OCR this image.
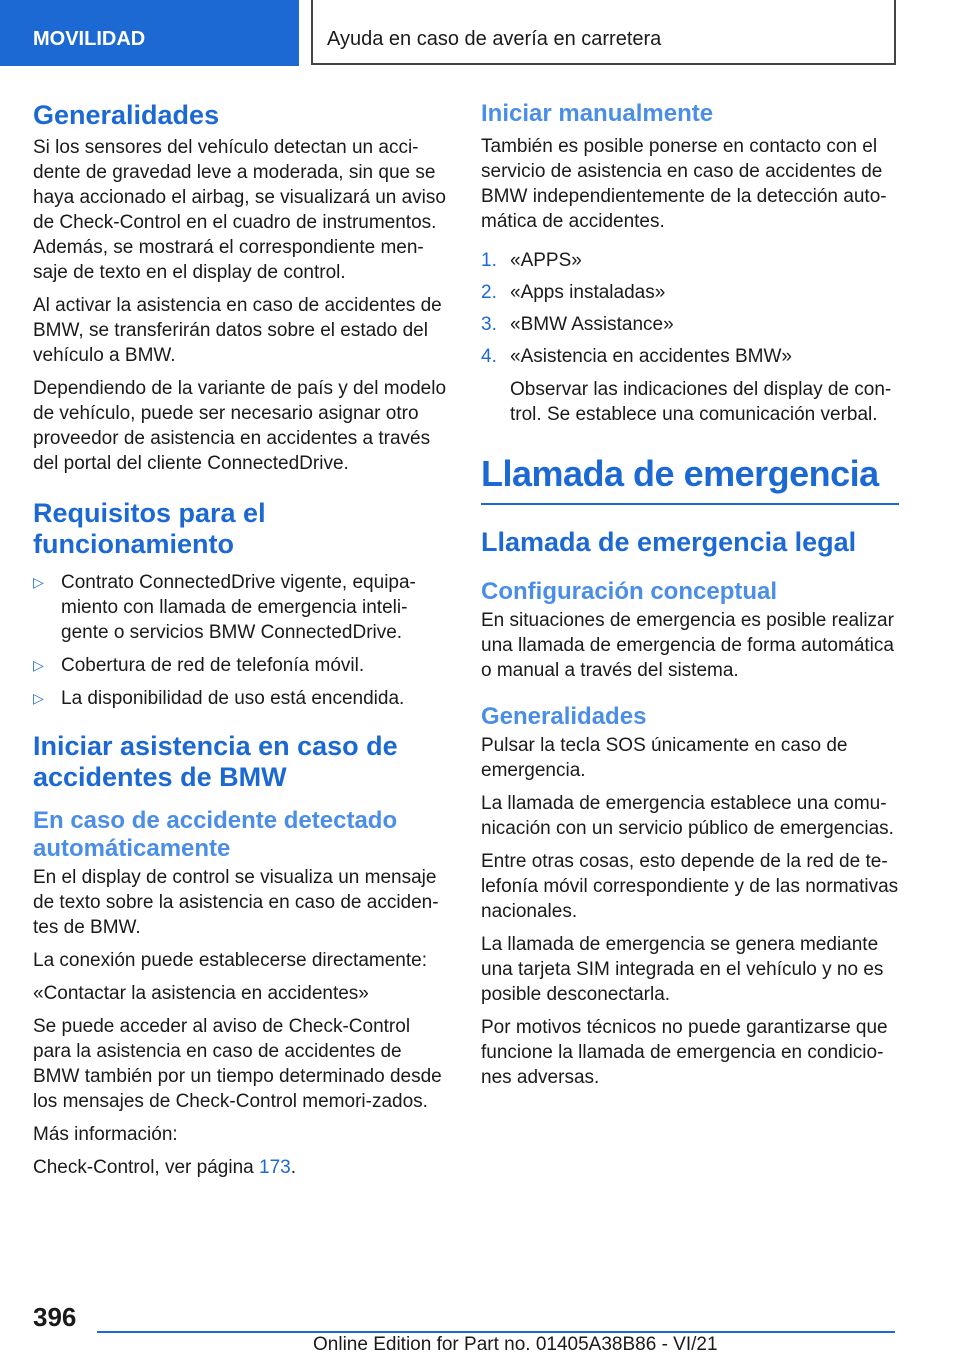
MOVILIDAD	Ayuda en caso de avería en carretera
Generalidades

Si los sensores del vehículo detectan un acci-dente de gravedad leve a moderada, sin que se haya accionado el airbag, se visualizará un aviso de Check-Control en el cuadro de instrumentos. Además, se mostrará el correspondiente men-saje de texto en el display de control.

Al activar la asistencia en caso de accidentes de BMW, se transferirán datos sobre el estado del vehículo a BMW.

Dependiendo de la variante de país y del modelo de vehículo, puede ser necesario asignar otro proveedor de asistencia en accidentes a través del portal del cliente ConnectedDrive.

Requisitos para el funcionamiento
▷ Contrato ConnectedDrive vigente, equipa-miento con llamada de emergencia inteli-gente o servicios BMW ConnectedDrive.
▷ Cobertura de red de telefonía móvil.
▷ La disponibilidad de uso está encendida.
Iniciar asistencia en caso de accidentes de BMW
En caso de accidente detectado automáticamente

En el display de control se visualiza un mensaje de texto sobre la asistencia en caso de acciden-tes de BMW.

La conexión puede establecerse directamente:

«Contactar la asistencia en accidentes»

Se puede acceder al aviso de Check-Control para la asistencia en caso de accidentes de BMW también por un tiempo determinado desde los mensajes de Check-Control memori-zados.

Más información:

Check-Control, ver página 173.

Iniciar manualmente

También es posible ponerse en contacto con el servicio de asistencia en caso de accidentes de BMW independientemente de la detección auto-mática de accidentes.

1. «APPS»
2. «Apps instaladas»
3. «BMW Assistance»
4. «Asistencia en accidentes BMW»
Observar las indicaciones del display de con-trol. Se establece una comunicación verbal.
Llamada de emergencia
Llamada de emergencia legal
Configuración conceptual

En situaciones de emergencia es posible realizar una llamada de emergencia de forma automática o manual a través del sistema.

Generalidades

Pulsar la tecla SOS únicamente en caso de emergencia.

La llamada de emergencia establece una comu-nicación con un servicio público de emergencias.

Entre otras cosas, esto depende de la red de te-lefonía móvil correspondiente y de las normativas nacionales.

La llamada de emergencia se genera mediante una tarjeta SIM integrada en el vehículo y no es posible desconectarla.

Por motivos técnicos no puede garantizarse que funcione la llamada de emergencia en condicio-nes adversas.

396
Online Edition for Part no. 01405A38B86 - VI/21
